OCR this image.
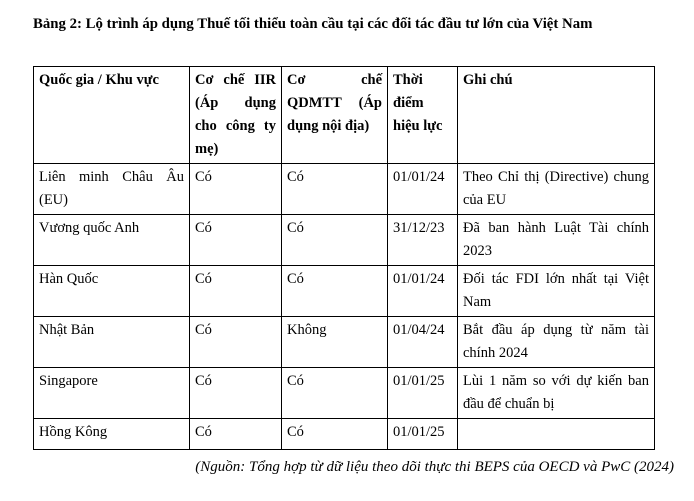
Bảng 2: Lộ trình áp dụng Thuế tối thiểu toàn cầu tại các đối tác đầu tư lớn của Việt Nam
Quốc gia / Khu vực	Cơ chế IIR (Áp dụng cho công ty mẹ)	Cơ chế QDMTT (Áp dụng nội địa)	Thời điểm hiệu lực	Ghi chú
Liên minh Châu Âu (EU)	Có	Có	01/01/24	Theo Chỉ thị (Directive) chung của EU
Vương quốc Anh	Có	Có	31/12/23	Đã ban hành Luật Tài chính 2023
Hàn Quốc	Có	Có	01/01/24	Đối tác FDI lớn nhất tại Việt Nam
Nhật Bản	Có	Không	01/04/24	Bắt đầu áp dụng từ năm tài chính 2024
Singapore	Có	Có	01/01/25	Lùi 1 năm so với dự kiến ban đầu để chuẩn bị
Hồng Kông	Có	Có	01/01/25	
(Nguồn: Tổng hợp từ dữ liệu theo dõi thực thi BEPS của OECD và PwC (2024)
